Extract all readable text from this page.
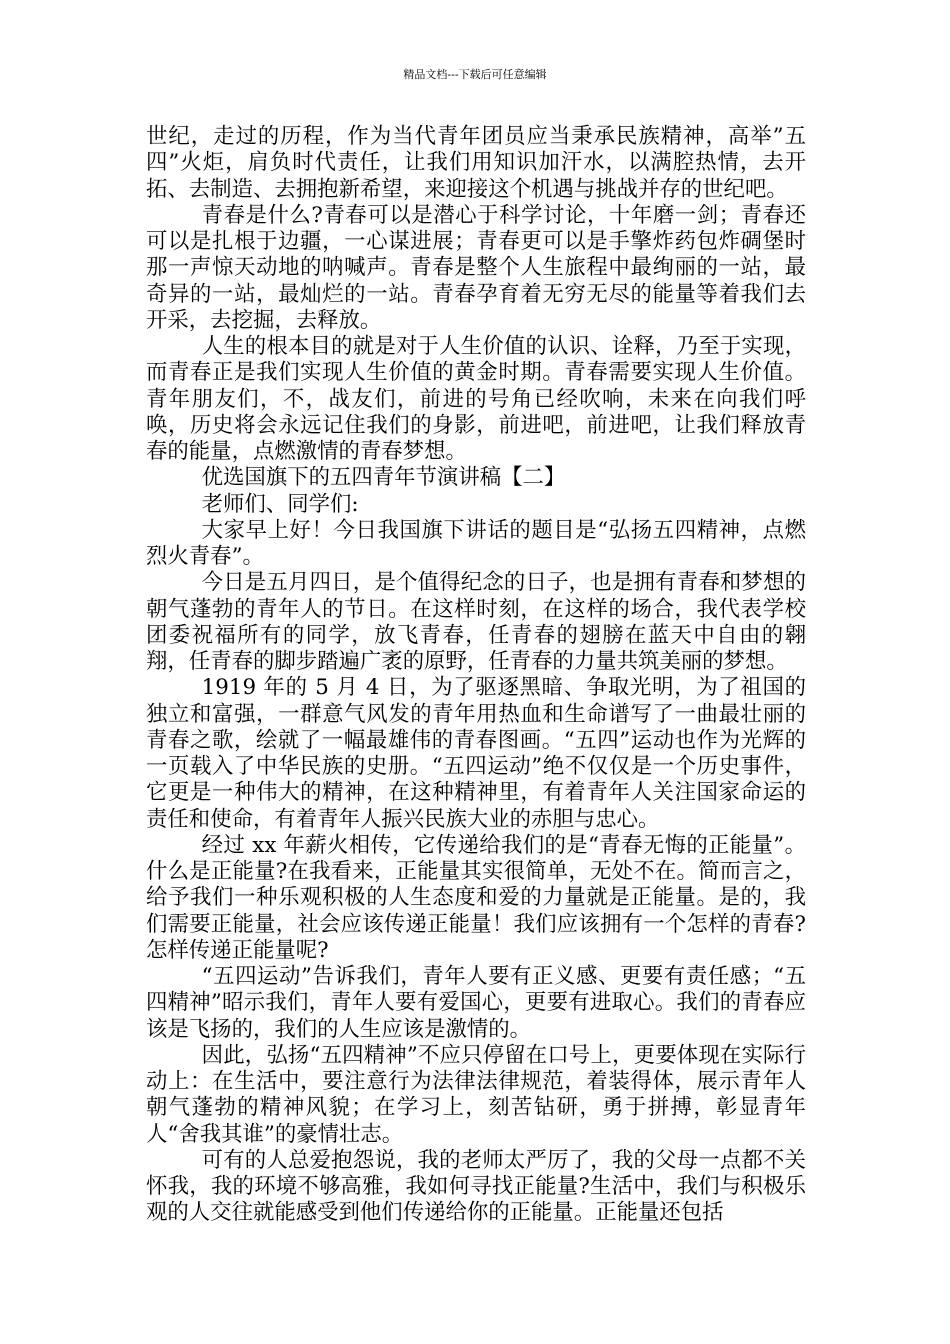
精品文档---下载后可任意编辑

世纪，走过的历程，作为当代青年团员应当秉承民族精神，高举”五四”火炬，肩负时代责任，让我们用知识加汗水，以满腔热情，去开拓、去制造、去拥抱新希望，来迎接这个机遇与挑战并存的世纪吧。

青春是什么?青春可以是潜心于科学讨论，十年磨一剑；青春还可以是扎根于边疆，一心谋进展；青春更可以是手擎炸药包炸碉堡时那一声惊天动地的呐喊声。青春是整个人生旅程中最绚丽的一站，最奇异的一站，最灿烂的一站。青春孕育着无穷无尽的能量等着我们去开采，去挖掘，去释放。

人生的根本目的就是对于人生价值的认识、诠释，乃至于实现，而青春正是我们实现人生价值的黄金时期。青春需要实现人生价值。青年朋友们，不，战友们，前进的号角已经吹响，未来在向我们呼唤，历史将会永远记住我们的身影，前进吧，前进吧，让我们释放青春的能量，点燃激情的青春梦想。

优选国旗下的五四青年节演讲稿【二】

老师们、同学们:

大家早上好！今日我国旗下讲话的题目是“弘扬五四精神，点燃烈火青春”。

今日是五月四日，是个值得纪念的日子，也是拥有青春和梦想的朝气蓬勃的青年人的节日。在这样时刻，在这样的场合，我代表学校团委祝福所有的同学，放飞青春，任青春的翅膀在蓝天中自由的翱翔，任青春的脚步踏遍广袤的原野，任青春的力量共筑美丽的梦想。

1919 年的 5 月 4 日，为了驱逐黑暗、争取光明，为了祖国的独立和富强，一群意气风发的青年用热血和生命谱写了一曲最壮丽的青春之歌，绘就了一幅最雄伟的青春图画。“五四”运动也作为光辉的一页载入了中华民族的史册。“五四运动”绝不仅仅是一个历史事件，它更是一种伟大的精神，在这种精神里，有着青年人关注国家命运的责任和使命，有着青年人振兴民族大业的赤胆与忠心。

经过 xx 年薪火相传，它传递给我们的是“青春无悔的正能量”。什么是正能量?在我看来，正能量其实很简单，无处不在。简而言之，给予我们一种乐观积极的人生态度和爱的力量就是正能量。是的，我们需要正能量，社会应该传递正能量！我们应该拥有一个怎样的青春?怎样传递正能量呢?

“五四运动”告诉我们，青年人要有正义感、更要有责任感；“五四精神”昭示我们，青年人要有爱国心，更要有进取心。我们的青春应该是飞扬的，我们的人生应该是激情的。

因此，弘扬“五四精神”不应只停留在口号上，更要体现在实际行动上：在生活中，要注意行为法律法律规范，着装得体，展示青年人朝气蓬勃的精神风貌；在学习上，刻苦钻研，勇于拼搏，彰显青年人“舍我其谁”的豪情壮志。

可有的人总爱抱怨说，我的老师太严厉了，我的父母一点都不关怀我，我的环境不够高雅，我如何寻找正能量?生活中，我们与积极乐观的人交往就能感受到他们传递给你的正能量。正能量还包括
